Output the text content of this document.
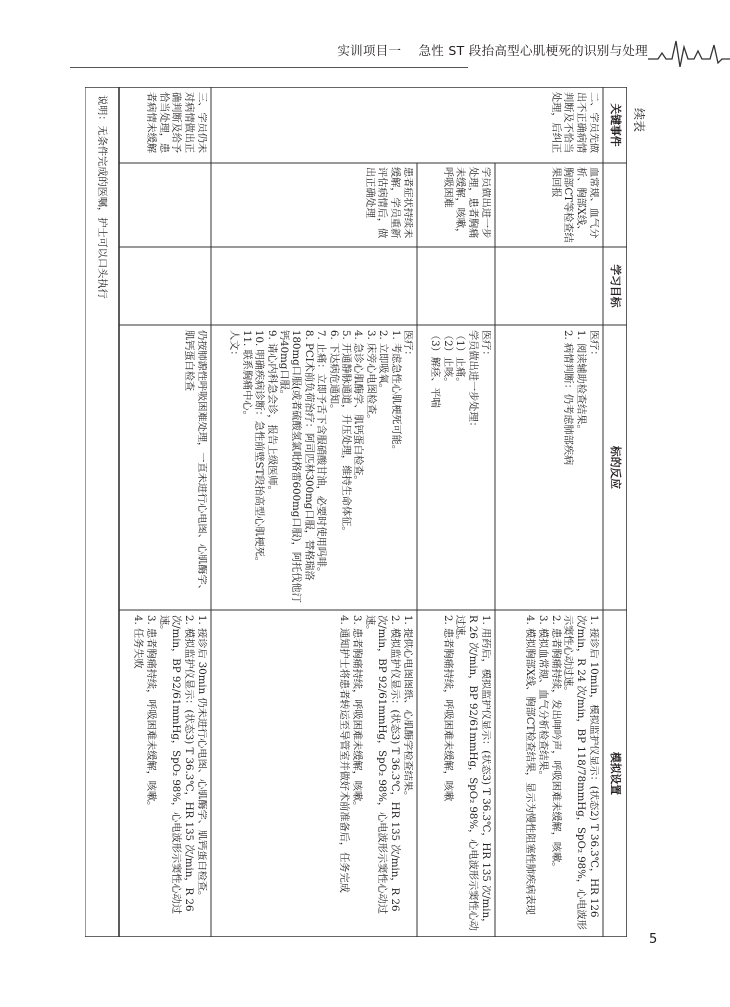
实训项目一 急性 ST 段抬高型心肌梗死的识别与处理
续表
关键事件
学习目标
标的反应
模拟设置
二、学员先做出不正确病情判断及不恰当处理，后纠正
三、学员仍未对病情做出正确判断及给予恰当处理，患者病情未缓解
血常规、血气分析、胸部X线、胸部CT等检查结果回报
医疗：
1. 阅读辅助检查结果。
2. 病情判断：仍考虑肺部疾病
1. 接诊后 10min，模拟监护仪显示：(状态2) T 36.3℃，HR 126 次/min，R 24 次/min，BP 118/78mmHg，SpO₂ 98%，心电波形示窦性心动过速。
2. 患者胸痛持续，发出呻吟声，呼吸困难未缓解，咳嗽。
3. 模拟血常规、血气分析检查结果。
4. 模拟胸部X线、胸部CT检查结果，显示为慢性阻塞性肺疾病表现
学员做出进一步处理，患者胸痛未缓解，咳嗽，呼吸困难
医疗：
学员做出进一步处理：
（1）止痛。
（2）止咳。
（3）解痉、平喘
1. 用药后，模拟监护仪显示：(状态3) T 36.3℃，HR 135 次/min，R 26 次/min，BP 92/61mmHg，SpO₂ 98%，心电波形示窦性心动过速。
2. 患者胸痛持续，呼吸困难未缓解，咳嗽
患者症状持续未缓解，学员重新评估病情后，做出正确处理
医疗：
1. 考虑急性心肌梗死可能。
2. 立即吸氧。
3. 床旁心电图检查。
4. 急诊心肌酶学、肌钙蛋白检查。
5. 开通静脉通道，升压处理，维持生命体征。
6. 下达病危通知。
7. 止痛：立即予舌下含服硝酸甘油，必要时使用吗啡。
8. PCI术前负荷治疗：阿司匹林300mg口服，替格瑞洛180mg口服(或者硫酸氢氯吡格雷600mg口服)，阿托伐他汀钙40mg口服。
9. 请心内科急会诊，报告上级医师。
10. 明确疾病诊断：急性前壁ST段抬高型心肌梗死。
11. 联系胸痛中心。
人文：
1. 提供心电图图纸、心肌酶学检查结果。
2. 模拟监护仪显示：(状态3) T 36.3℃，HR 135 次/min，R 26 次/min，BP 92/61mmHg，SpO₂ 98%，心电波形示窦性心动过速。
3. 患者胸痛持续，呼吸困难未缓解，咳嗽。
4. 通知护士将患者转运至导管室并做好术前准备后，任务完成
仍按肺源性呼吸困难处理，一直未进行心电图、心肌酶学、肌钙蛋白检查
1. 接诊后 30min 仍未进行心电图、心肌酶学、肌钙蛋白检查。
2. 模拟监护仪显示：(状态3) T 36.3℃，HR 135 次/min，R 26 次/min，BP 92/61mmHg，SpO₂ 98%，心电波形示窦性心动过速。
3. 患者胸痛持续，呼吸困难未缓解，咳嗽。
4. 任务失败
说明：无条件完成的医嘱，护士可以口头执行
5
